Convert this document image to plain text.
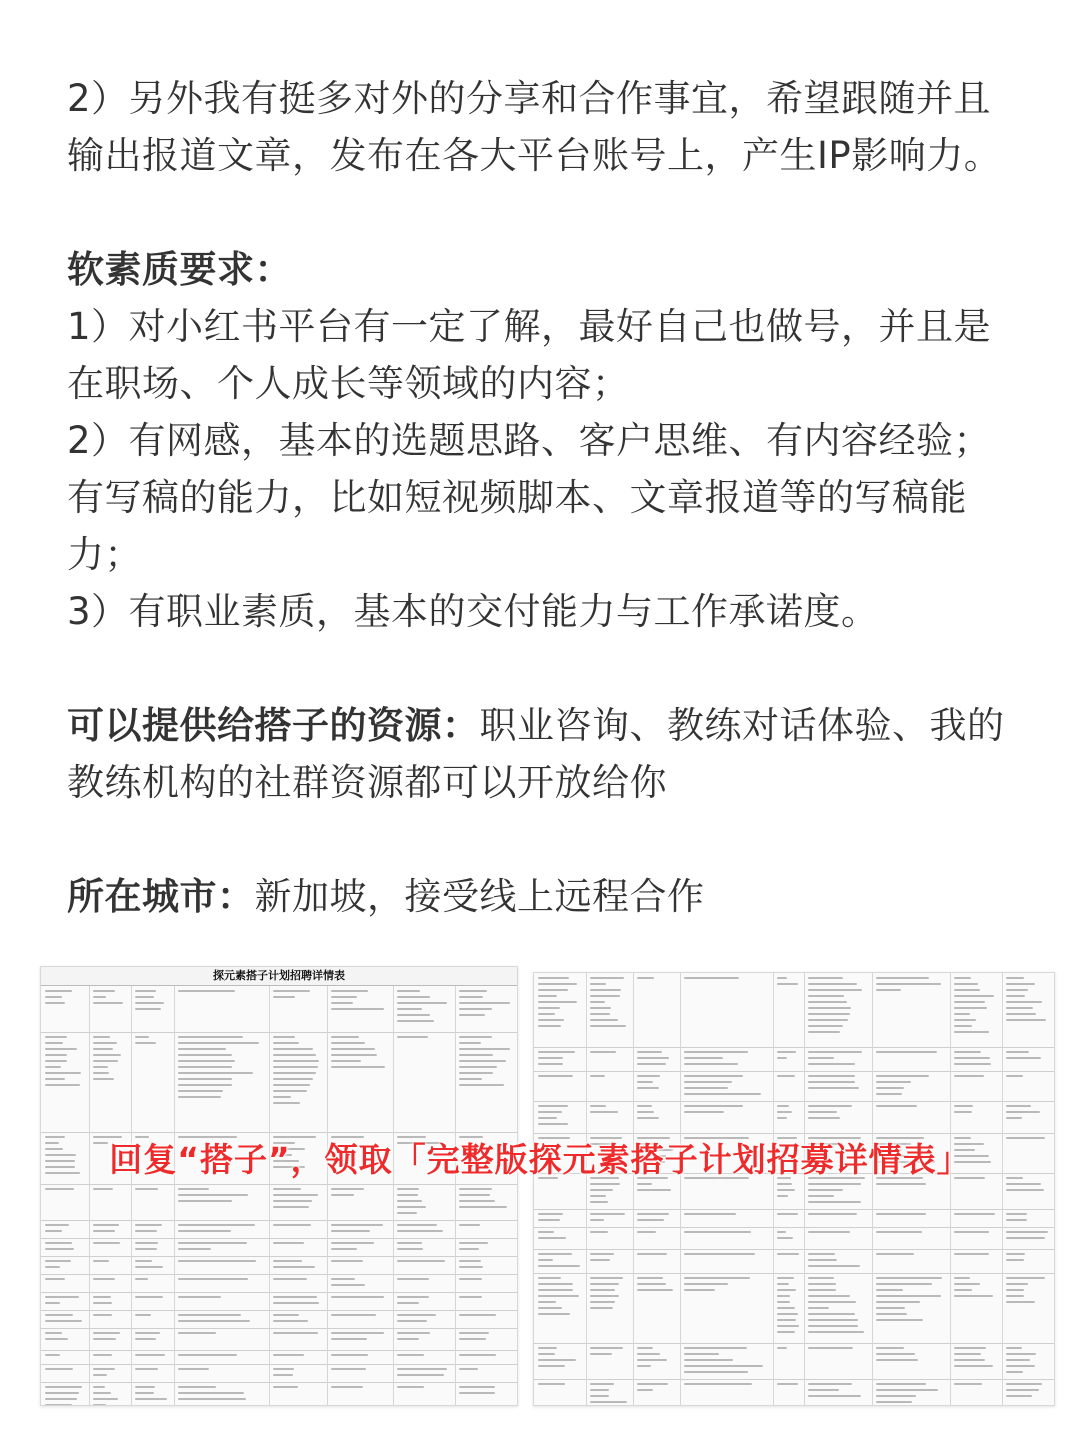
2）另外我有挺多对外的分享和合作事宜，希望跟随并且

输出报道文章，发布在各大平台账号上，产生IP影响力。

软素质要求：

1）对小红书平台有一定了解，最好自己也做号，并且是

在职场、个人成长等领域的内容；

2）有网感，基本的选题思路、客户思维、有内容经验；

有写稿的能力，比如短视频脚本、文章报道等的写稿能

力；

3）有职业素质，基本的交付能力与工作承诺度。

可以提供给搭子的资源：职业咨询、教练对话体验、我的

教练机构的社群资源都可以开放给你

所在城市：新加坡，接受线上远程合作

探元素搭子计划招聘详情表
回复“搭子”，领取「完整版探元素搭子计划招募详情表」
